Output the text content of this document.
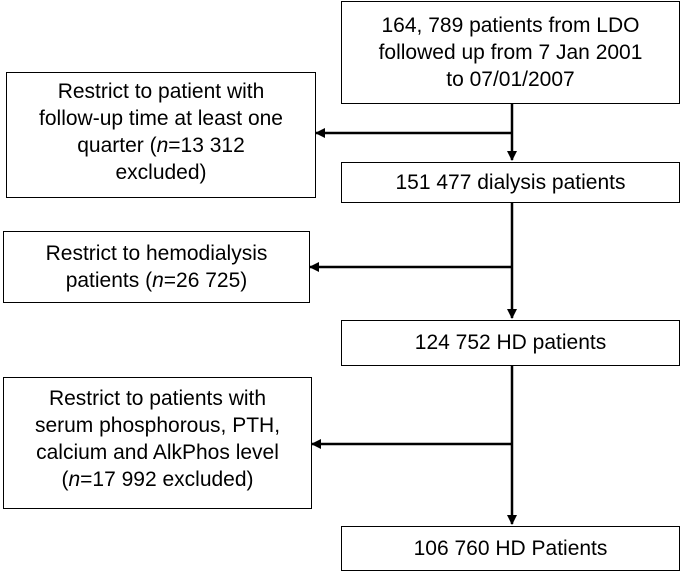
164, 789 patients from LDO
followed up from 7 Jan 2001
to 07/01/2007
151 477 dialysis patients
124 752 HD patients
106 760 HD Patients
Restrict to patient with
follow-up time at least one
quarter (n=13 312
excluded)
Restrict to hemodialysis
patients (n=26 725)
Restrict to patients with
serum phosphorous, PTH,
calcium and AlkPhos level
(n=17 992 excluded)
